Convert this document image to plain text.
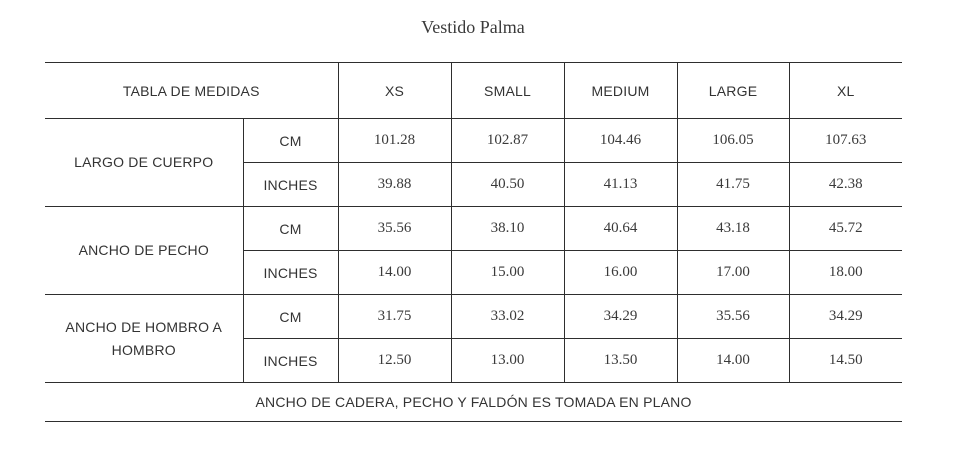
Vestido Palma
TABLA DE MEDIDAS		XS	SMALL	MEDIUM	LARGE	XL
LARGO DE CUERPO	CM	101.28	102.87	104.46	106.05	107.63
	INCHES	39.88	40.50	41.13	41.75	42.38
ANCHO DE PECHO	CM	35.56	38.10	40.64	43.18	45.72
	INCHES	14.00	15.00	16.00	17.00	18.00
ANCHO DE HOMBRO A HOMBRO	CM	31.75	33.02	34.29	35.56	34.29
	INCHES	12.50	13.00	13.50	14.00	14.50
ANCHO DE CADERA, PECHO Y FALDÓN ES TOMADA EN PLANO						
